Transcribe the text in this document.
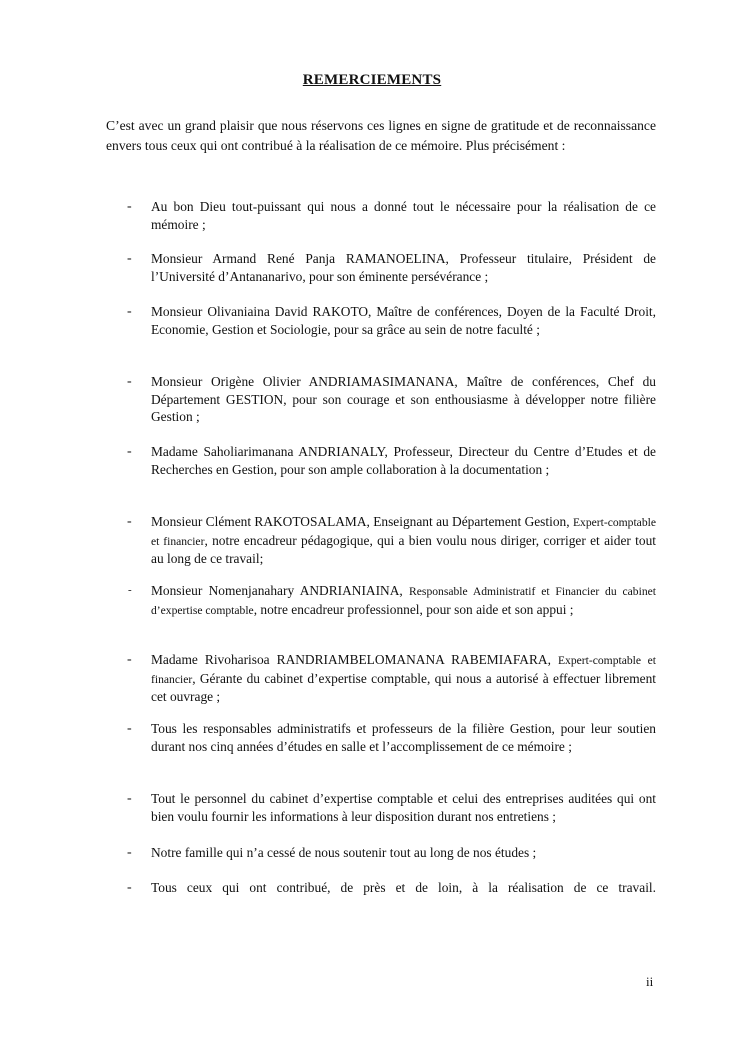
REMERCIEMENTS

C’est avec un grand plaisir que nous réservons ces lignes en signe de gratitude et de reconnaissance envers tous ceux qui ont contribué à la réalisation de ce mémoire. Plus précisément :

- Au bon Dieu tout-puissant qui nous a donné tout le nécessaire pour la réalisation de ce mémoire ;

- Monsieur Armand René Panja RAMANOELINA, Professeur titulaire, Président de l’Université d’Antananarivo, pour son éminente persévérance ;

- Monsieur Olivaniaina David RAKOTO, Maître de conférences, Doyen de la Faculté Droit, Economie, Gestion et Sociologie, pour sa grâce au sein de notre faculté ;

- Monsieur Origène Olivier ANDRIAMASIMANANA, Maître de conférences, Chef du Département GESTION, pour son courage et son enthousiasme à développer notre filière Gestion ;

- Madame Saholiarimanana ANDRIANALY, Professeur, Directeur du Centre d’Etudes et de Recherches en Gestion, pour son ample collaboration à la documentation ;

- Monsieur Clément RAKOTOSALAMA, Enseignant au Département Gestion, Expert-comptable et financier, notre encadreur pédagogique, qui a bien voulu nous diriger, corriger et aider tout au long de ce travail;

- Monsieur Nomenjanahary ANDRIANIAINA, Responsable Administratif et Financier du cabinet d’expertise comptable, notre encadreur professionnel, pour son aide et son appui ;

- Madame Rivoharisoa RANDRIAMBELOMANANA RABEMIAFARA, Expert-comptable et financier, Gérante du cabinet d’expertise comptable, qui nous a autorisé à effectuer librement cet ouvrage ;

- Tous les responsables administratifs et professeurs de la filière Gestion, pour leur soutien durant nos cinq années d’études en salle et l’accomplissement de ce mémoire ;

- Tout le personnel du cabinet d’expertise comptable et celui des entreprises auditées qui ont bien voulu fournir les informations à leur disposition durant nos entretiens ;

- Notre famille qui n’a cessé de nous soutenir tout au long de nos études ;

- Tous ceux qui ont contribué, de près et de loin, à la réalisation de ce travail.

ii
